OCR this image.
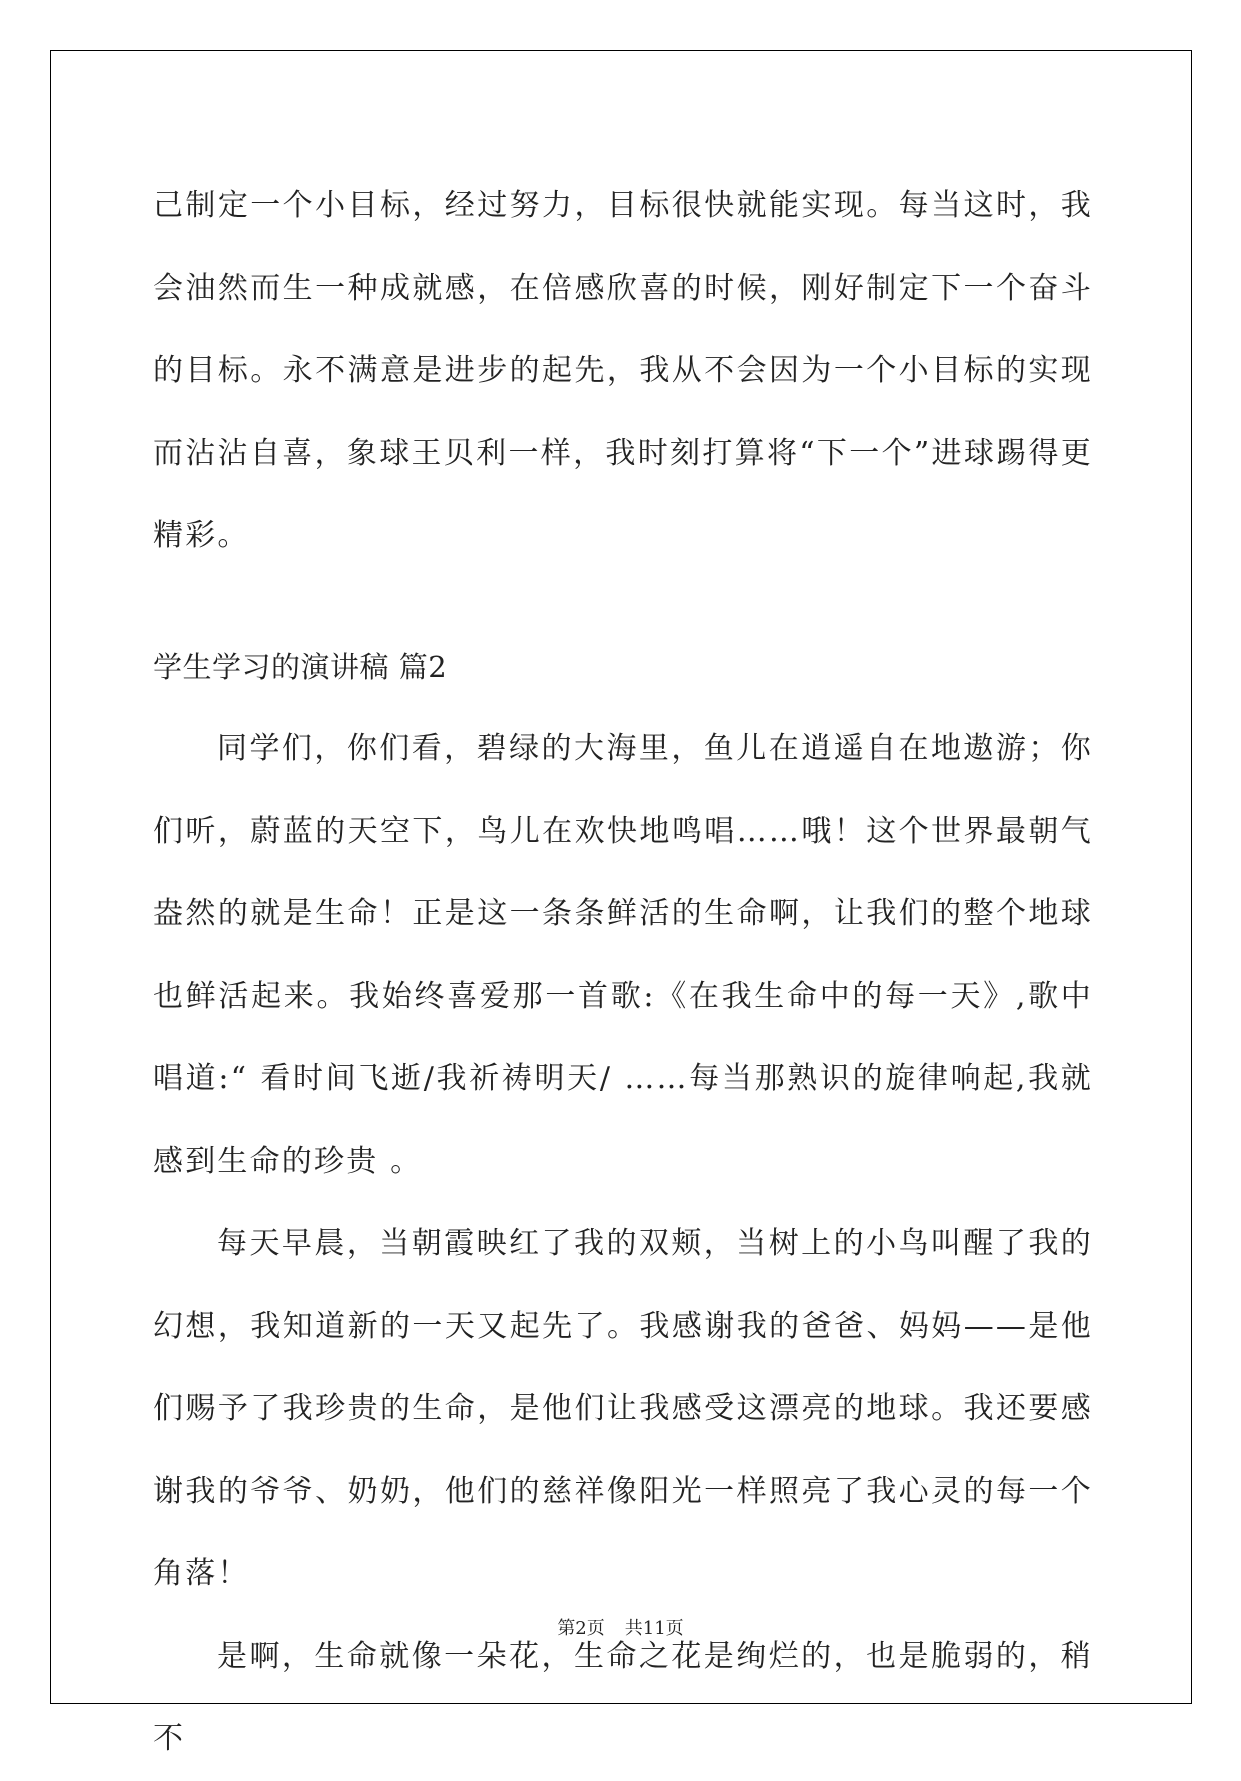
己制定一个小目标，经过努力，目标很快就能实现。每当这时，我会油然而生一种成就感，在倍感欣喜的时候，刚好制定下一个奋斗的目标。永不满意是进步的起先，我从不会因为一个小目标的实现而沾沾自喜，象球王贝利一样，我时刻打算将“下一个”进球踢得更精彩。

学生学习的演讲稿 篇2

同学们，你们看，碧绿的大海里，鱼儿在逍遥自在地遨游；你们听，蔚蓝的天空下，鸟儿在欢快地鸣唱……哦！这个世界最朝气盎然的就是生命！正是这一条条鲜活的生命啊，让我们的整个地球也鲜活起来。我始终喜爱那一首歌:《在我生命中的每一天》,歌中唱道:“ 看时间飞逝/我祈祷明天/ ……每当那熟识的旋律响起,我就感到生命的珍贵 。

每天早晨，当朝霞映红了我的双颊，当树上的小鸟叫醒了我的幻想，我知道新的一天又起先了。我感谢我的爸爸、妈妈——是他们赐予了我珍贵的生命，是他们让我感受这漂亮的地球。我还要感谢我的爷爷、奶奶，他们的慈祥像阳光一样照亮了我心灵的每一个角落！

是啊，生命就像一朵花，生命之花是绚烂的，也是脆弱的，稍不

第2页 共11页
